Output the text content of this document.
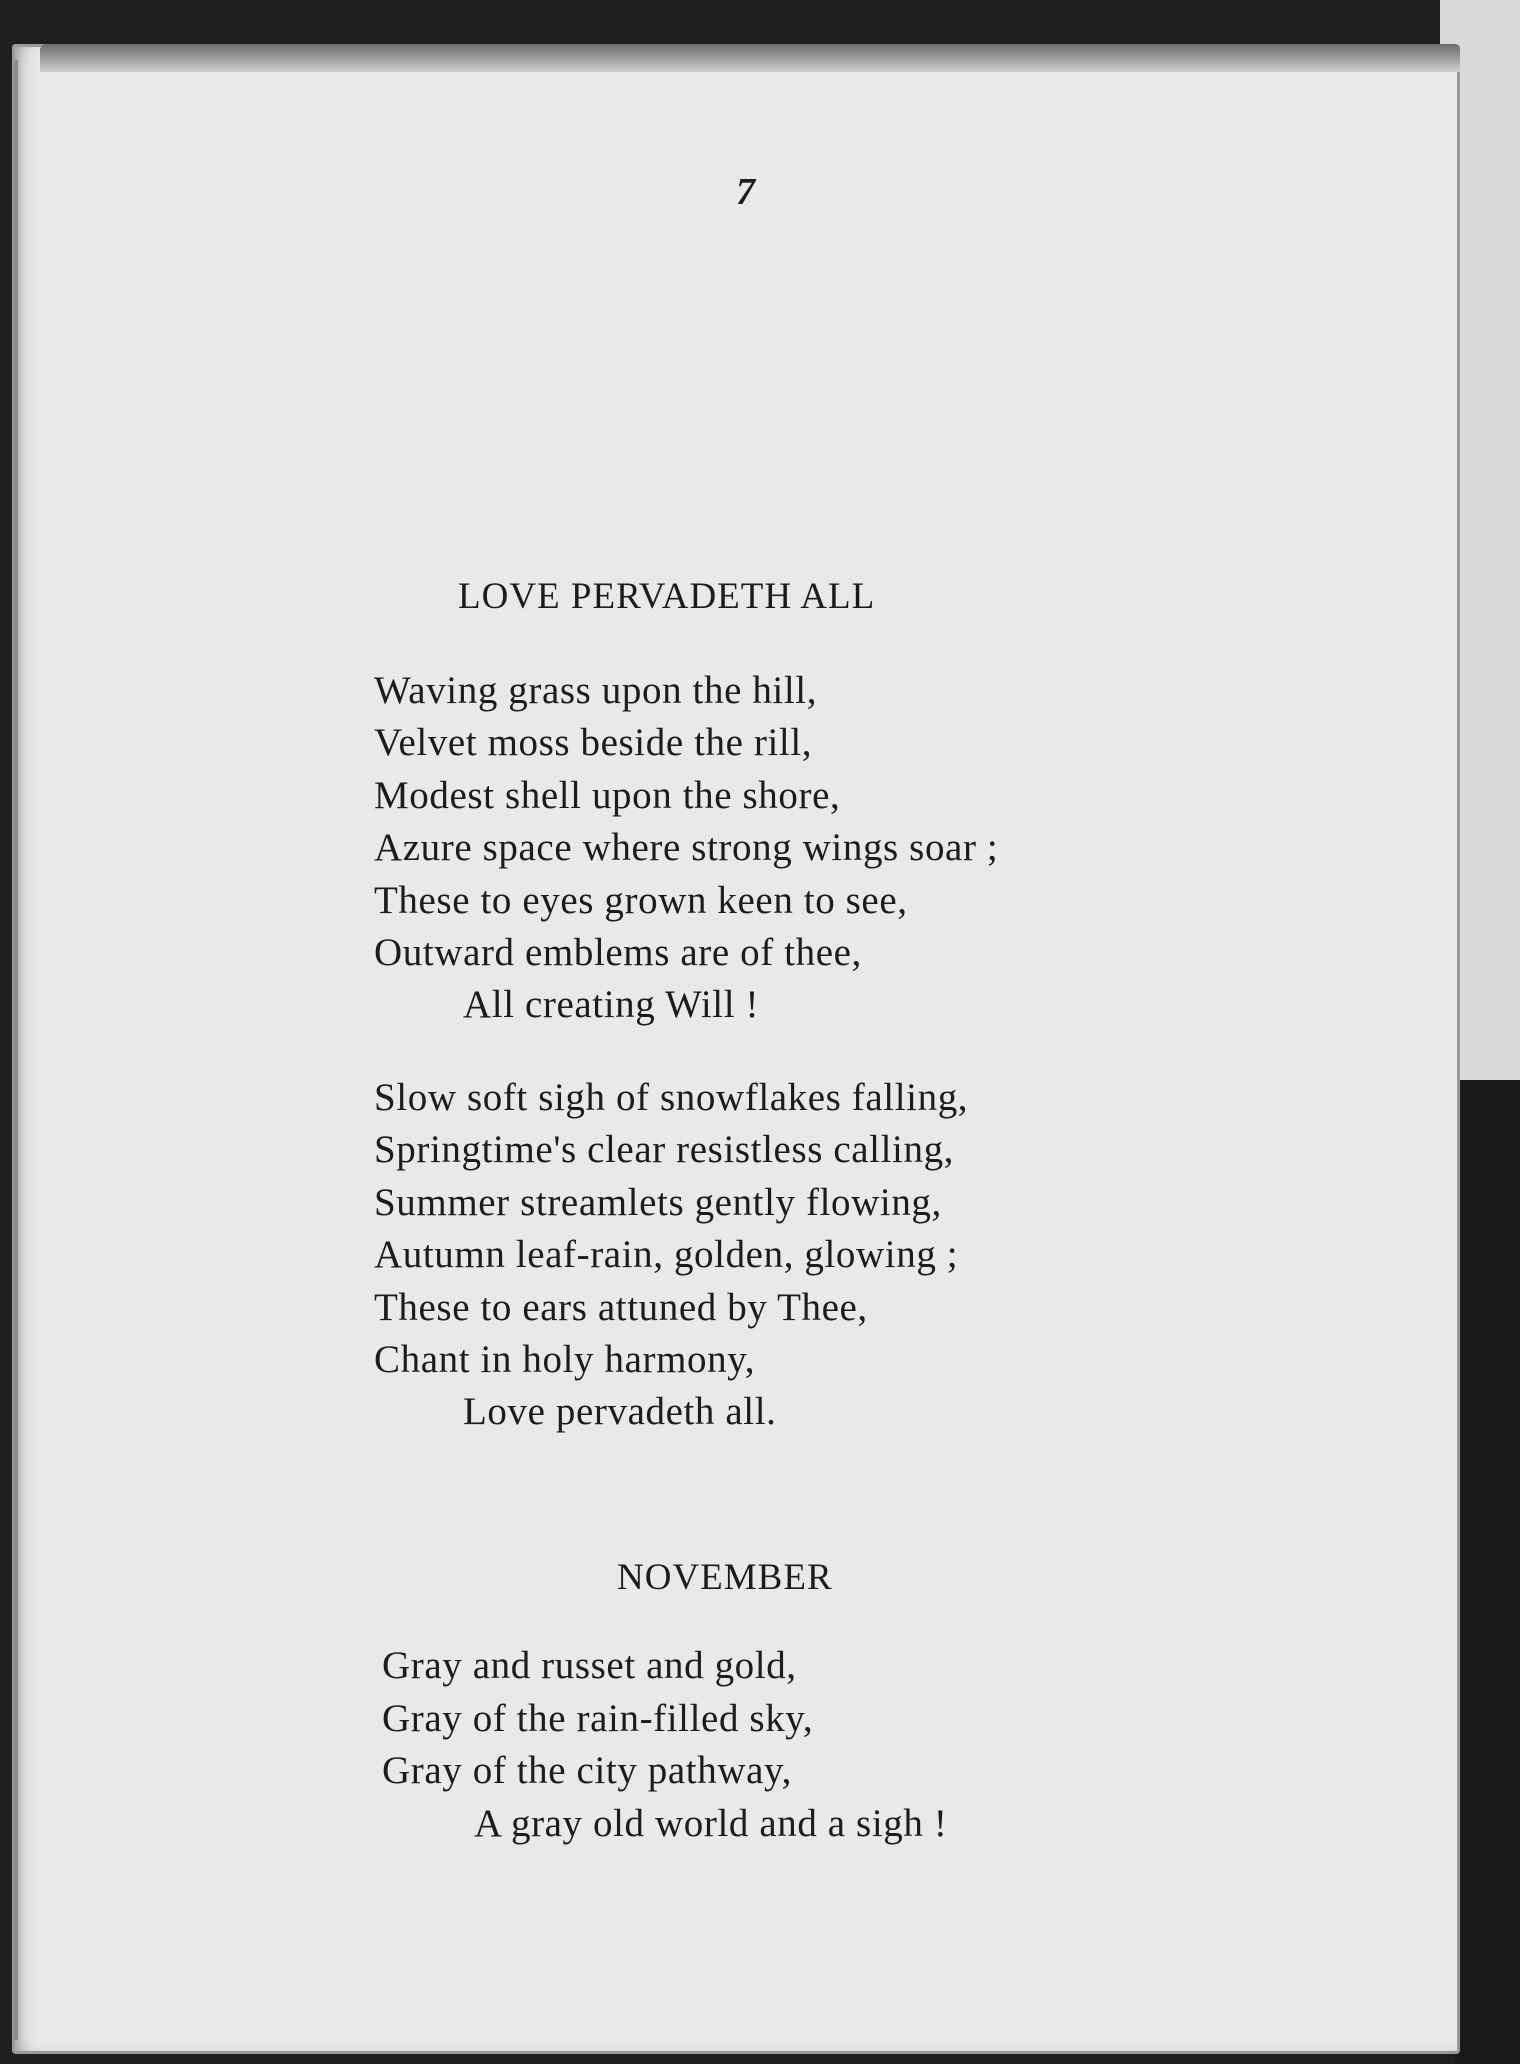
7
LOVE PERVADETH ALL
Waving grass upon the hill,
Velvet moss beside the rill,
Modest shell upon the shore,
Azure space where strong wings soar ;
These to eyes grown keen to see,
Outward emblems are of thee,
All creating Will !
Slow soft sigh of snowflakes falling,
Springtime's clear resistless calling,
Summer streamlets gently flowing,
Autumn leaf-rain, golden, glowing ;
These to ears attuned by Thee,
Chant in holy harmony,
Love pervadeth all.
NOVEMBER
Gray and russet and gold,
Gray of the rain-filled sky,
Gray of the city pathway,
A gray old world and a sigh !
